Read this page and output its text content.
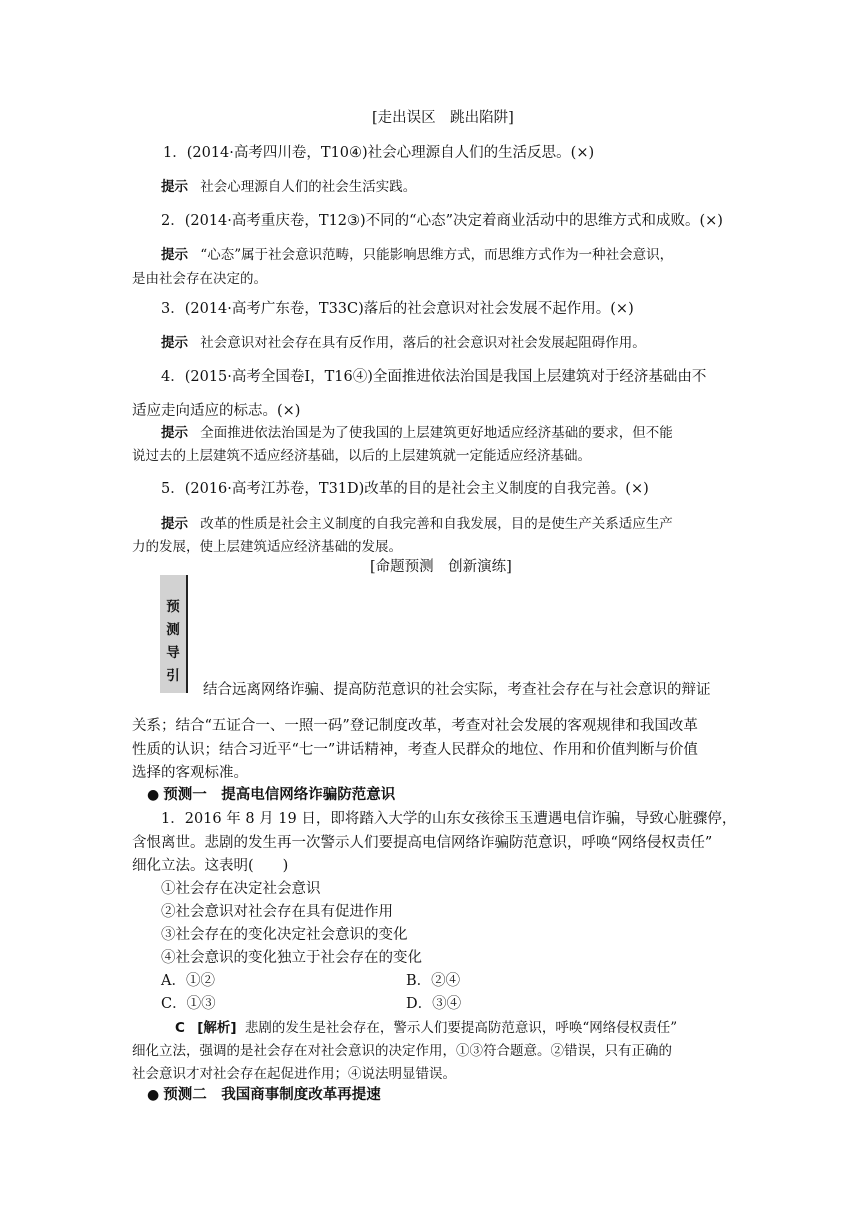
[走出误区　跳出陷阱]
1．(2014·高考四川卷，T10④)社会心理源自人们的生活反思。(×)
提示 社会心理源自人们的社会生活实践。
2．(2014·高考重庆卷，T12③)不同的“心态”决定着商业活动中的思维方式和成败。(×)
提示 “心态”属于社会意识范畴，只能影响思维方式，而思维方式作为一种社会意识，
是由社会存在决定的。
3．(2014·高考广东卷，T33C)落后的社会意识对社会发展不起作用。(×)
提示 社会意识对社会存在具有反作用，落后的社会意识对社会发展起阻碍作用。
4．(2015·高考全国卷Ⅰ，T16④)全面推进依法治国是我国上层建筑对于经济基础由不
适应走向适应的标志。(×)
提示 全面推进依法治国是为了使我国的上层建筑更好地适应经济基础的要求，但不能
说过去的上层建筑不适应经济基础，以后的上层建筑就一定能适应经济基础。
5．(2016·高考江苏卷，T31D)改革的目的是社会主义制度的自我完善。(×)
提示 改革的性质是社会主义制度的自我完善和自我发展，目的是使生产关系适应生产
力的发展，使上层建筑适应经济基础的发展。
[命题预测　创新演练]
预
测
导
引
结合远离网络诈骗、提高防范意识的社会实际，考查社会存在与社会意识的辩证
关系；结合“五证合一、一照一码”登记制度改革，考查对社会发展的客观规律和我国改革
性质的认识；结合习近平“七一”讲话精神，考查人民群众的地位、作用和价值判断与价值
选择的客观标准。
● 预测一　提高电信网络诈骗防范意识
1．2016 年 8 月 19 日，即将踏入大学的山东女孩徐玉玉遭遇电信诈骗，导致心脏骤停，
含恨离世。悲剧的发生再一次警示人们要提高电信网络诈骗防范意识，呼唤“网络侵权责任”
细化立法。这表明(　　)
①社会存在决定社会意识
②社会意识对社会存在具有促进作用
③社会存在的变化决定社会意识的变化
④社会意识的变化独立于社会存在的变化
A．①②	B．②④
C．①③	D．③④
C [解析] 悲剧的发生是社会存在，警示人们要提高防范意识，呼唤“网络侵权责任”
细化立法，强调的是社会存在对社会意识的决定作用，①③符合题意。②错误，只有正确的
社会意识才对社会存在起促进作用；④说法明显错误。
● 预测二　我国商事制度改革再提速
